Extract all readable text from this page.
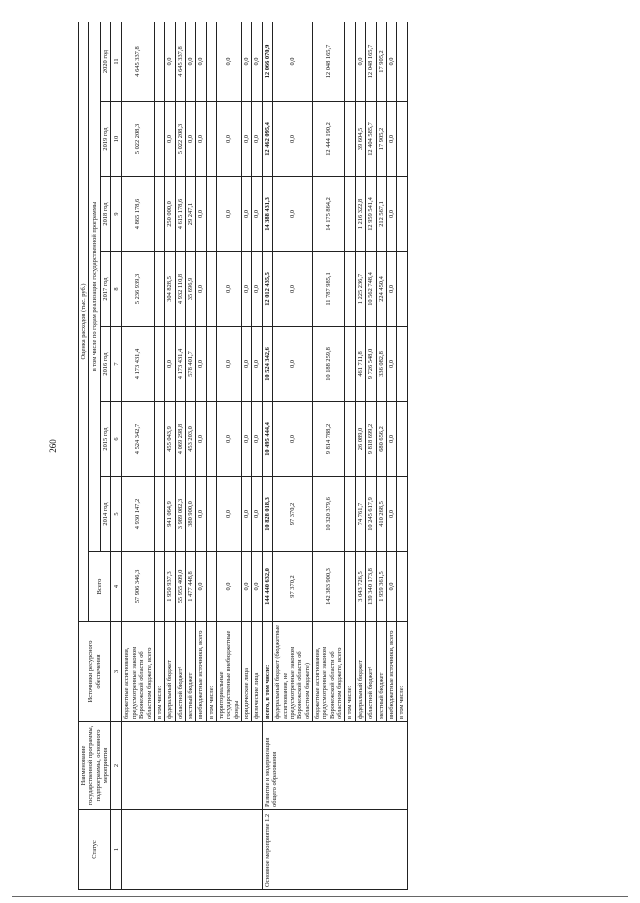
260
Статус	Наименование государственной программы, подпрограммы, основного мероприятия	Источники ресурсного обеспечения	Оценка расходов (тыс. руб.)							
			Всего	в том числе по годам реализации государственной программы						
				2014 год	2015 год	2016 год	2017 год	2018 год	2019 год	2020 год
1	2	3	4	5	6	7	8	9	10	11
		бюджетные ассигнования, предусмотренные законом Воронежской области об областном бюджете, всего	57 906 346,3	4 930 147,2	4 524 342,7	4 173 431,4	5 236 939,3	4 865 178,6	5 022 208,3	4 645 337,8
		в том числе:								
		федеральный бюджет	1 950 937,3	941 064,9	455 043,9	0,0	304 828,5	250 000,0	0,0	0,0
		областной бюджет¹	55 955 409,0	3 989 082,3	4 069 298,8	4 173 431,4	4 932 110,8	4 615 178,6	5 022 208,3	4 645 337,8
		местный бюджет	1 477 448,8	380 900,0	453 203,0	578 401,7	35 696,9	29 247,1	0,0	0,0
		внебюджетные источники, всего	0,0	0,0	0,0	0,0	0,0	0,0	0,0	0,0
		в том числе:								
		территориальные государственные внебюджетные фонды	0,0	0,0	0,0	0,0	0,0	0,0	0,0	0,0
		юридические лица	0,0	0,0	0,0	0,0	0,0	0,0	0,0	0,0
		физические лица	0,0	0,0	0,0	0,0	0,0	0,0	0,0	0,0
Основное мероприятие 1.2	Развитие и модернизация общего образования	всего, в том числе:	144 440 632,0	10 828 018,3	10 495 444,4	10 524 342,6	12 012 435,5	14 388 431,3	12 462 095,4	12 066 070,9
		федеральный бюджет (бюджетные ассигнования, не предусмотренные законом Воронежской области об областном бюджете)	97 370,2	97 370,2	0,0	0,0	0,0	0,0	0,0	0,0
		бюджетные ассигнования, предусмотренные законом Воронежской области об областном бюджете, всего	142 383 900,3	10 320 379,6	9 814 788,2	10 188 259,8	11 787 985,1	14 175 864,2	12 444 190,2	12 048 165,7
		в том числе:								
		федеральный бюджет	3 043 726,5	74 761,7	26 089,0	461 711,8	1 225 236,7	1 216 322,8	39 604,5	0,0
		областной бюджет¹	139 340 173,8	10 245 617,9	9 818 699,2	9 726 548,0	10 562 748,4	12 959 541,4	12 404 585,7	12 048 165,7
		местный бюджет	1 959 361,5	410 268,5	680 656,2	336 082,8	224 450,4	212 567,1	17 905,2	17 905,2
		внебюджетные источники, всего	0,0	0,0	0,0	0,0	0,0	0,0	0,0	0,0
		в том числе:								
